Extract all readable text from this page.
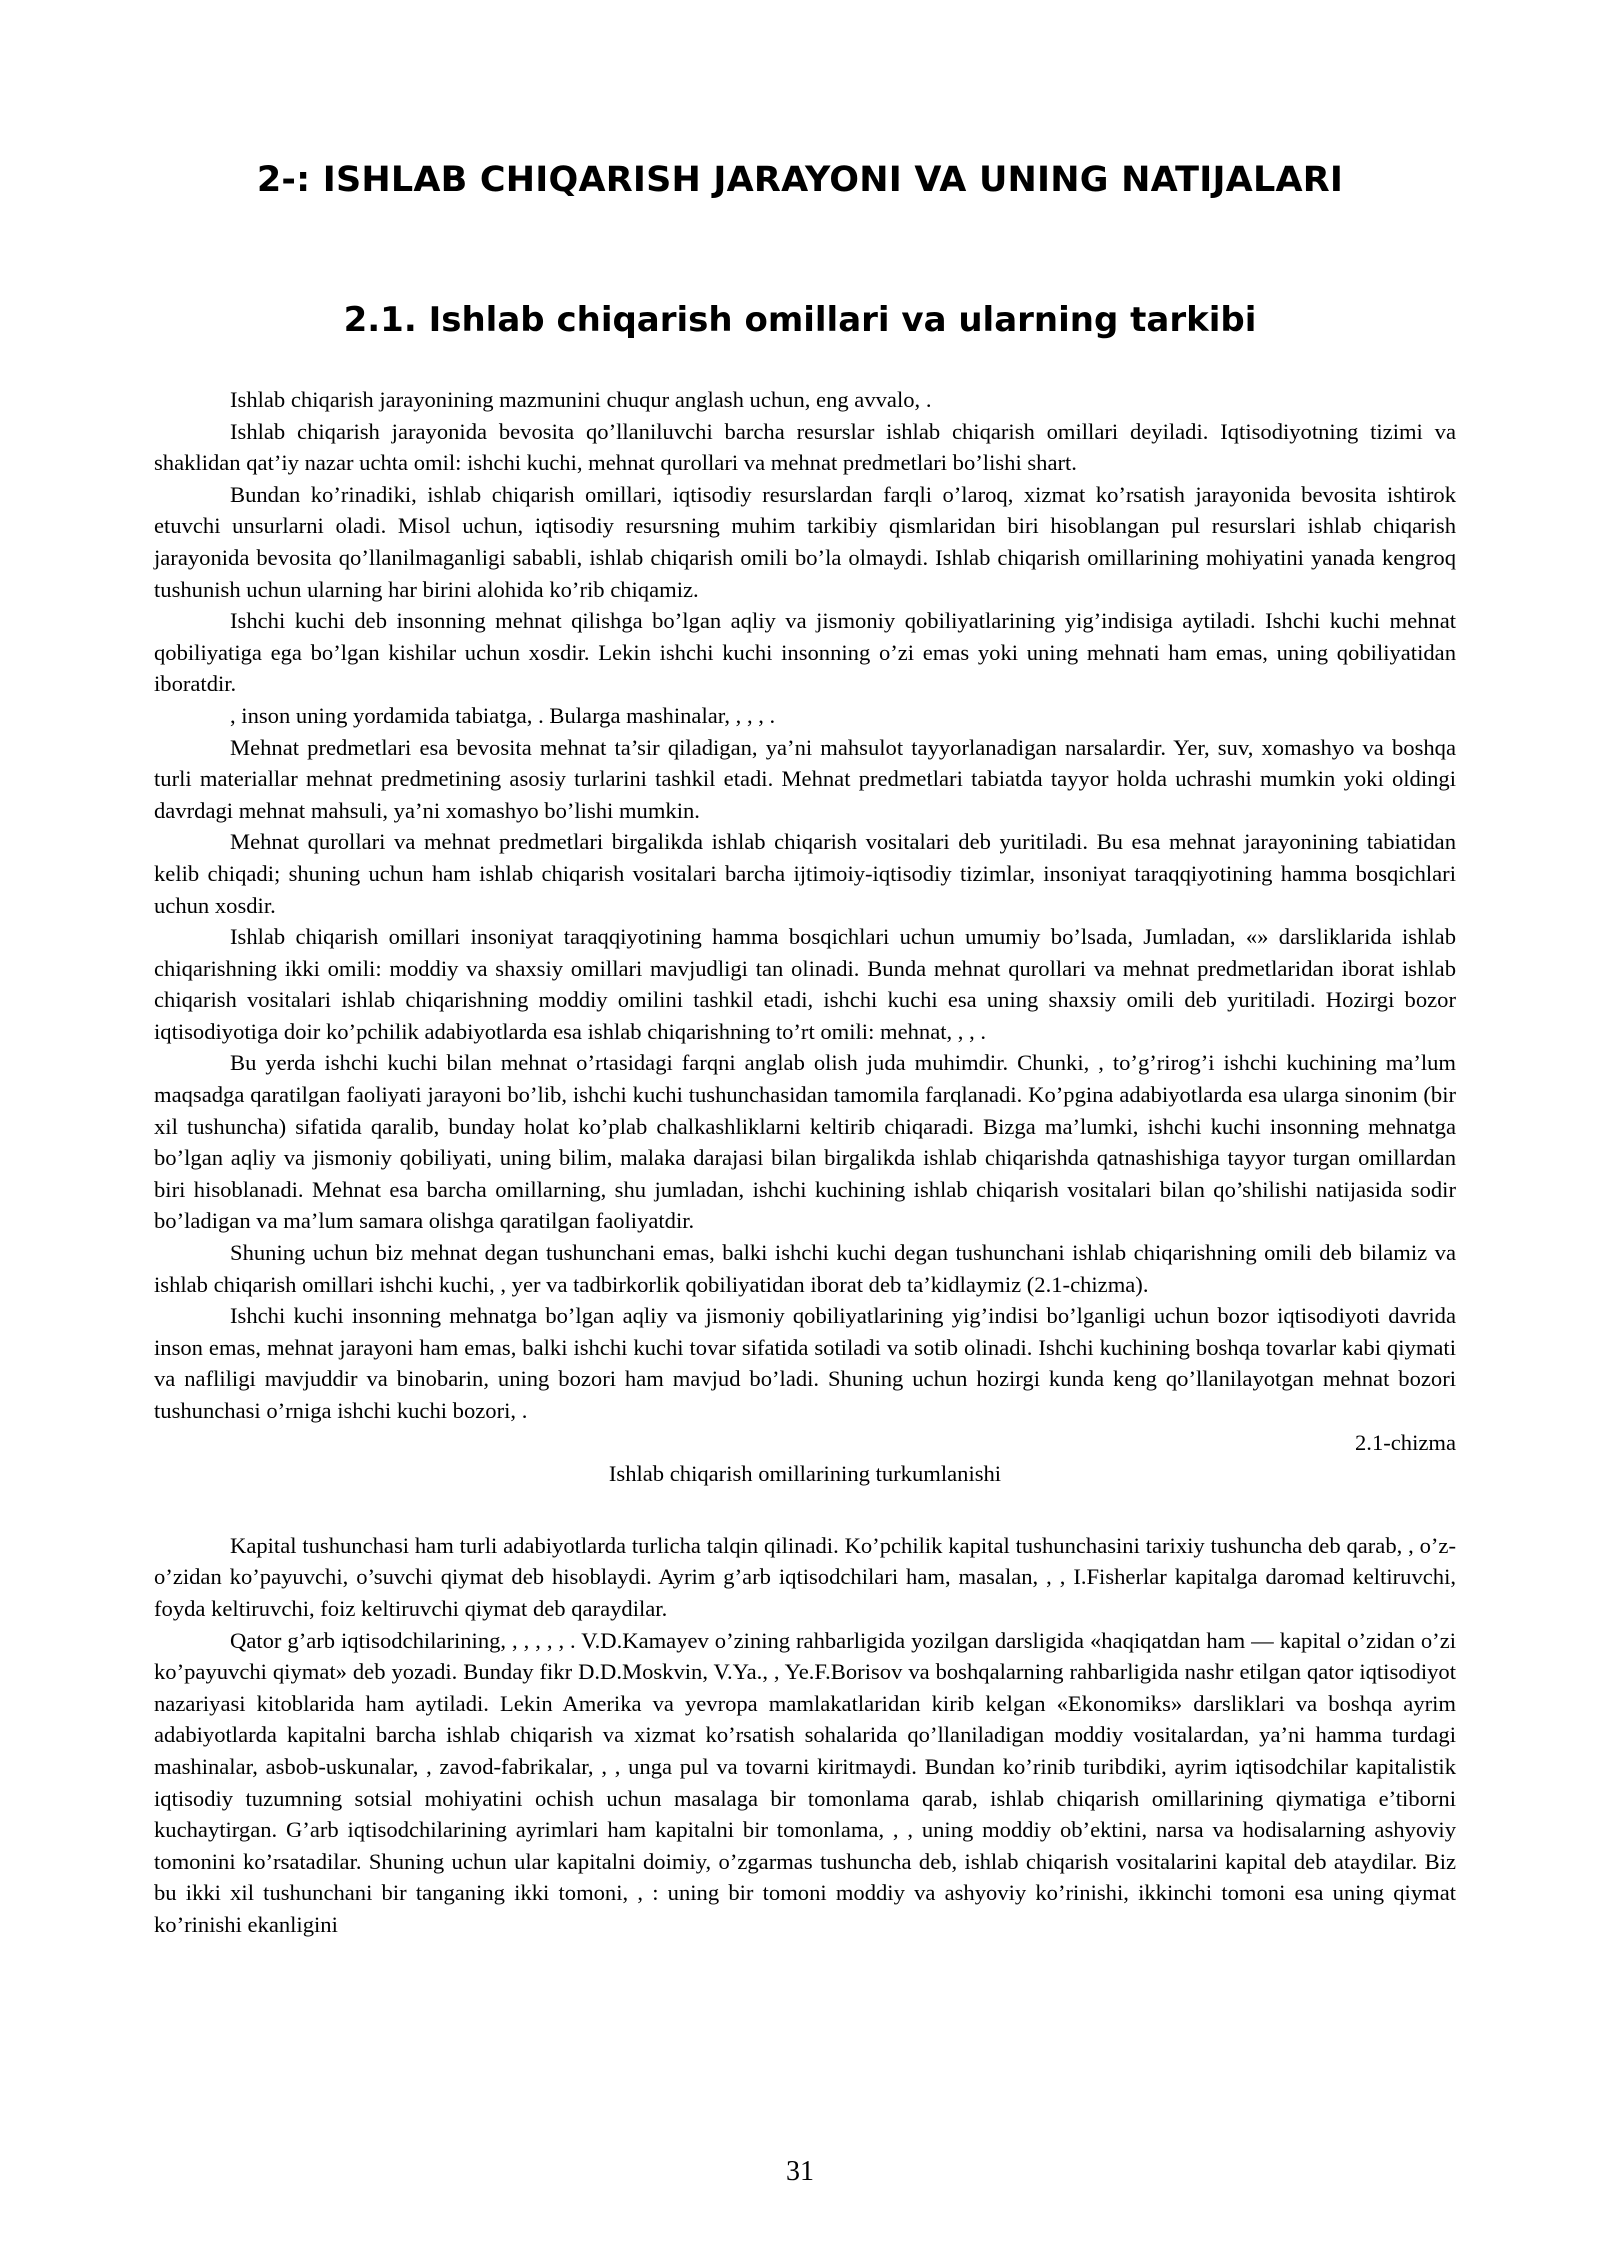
2-: ISHLAB CHIQARISH JARAYONI VA UNING NATIJALARI
2.1. Ishlab chiqarish omillari va ularning tarkibi

Ishlab chiqarish jarayonining mazmunini chuqur anglash uchun, eng avvalo, .

Ishlab chiqarish jarayonida bevosita qo’llaniluvchi barcha resurslar ishlab chiqarish omillari deyiladi. Iqtisodiyotning tizimi va shaklidan qat’iy nazar uchta omil: ishchi kuchi, mehnat qurollari va mehnat predmetlari bo’lishi shart.

Bundan ko’rinadiki, ishlab chiqarish omillari, iqtisodiy resurslardan farqli o’laroq, xizmat ko’rsatish jarayonida bevosita ishtirok etuvchi unsurlarni oladi. Misol uchun, iqtisodiy resursning muhim tarkibiy qismlaridan biri hisoblangan pul resurslari ishlab chiqarish jarayonida bevosita qo’llanilmaganligi sababli, ishlab chiqarish omili bo’la olmaydi. Ishlab chiqarish omillarining mohiyatini yanada kengroq tushunish uchun ularning har birini alohida ko’rib chiqamiz.

Ishchi kuchi deb insonning mehnat qilishga bo’lgan aqliy va jismoniy qobiliyatlarining yig’indisiga aytiladi. Ishchi kuchi mehnat qobiliyatiga ega bo’lgan kishilar uchun xosdir. Lekin ishchi kuchi insonning o’zi emas yoki uning mehnati ham emas, uning qobiliyatidan iboratdir.

, inson uning yordamida tabiatga, . Bularga mashinalar, , , , .

Mehnat predmetlari esa bevosita mehnat ta’sir qiladigan, ya’ni mahsulot tayyorlanadigan narsalardir. Yer, suv, xomashyo va boshqa turli materiallar mehnat predmetining asosiy turlarini tashkil etadi. Mehnat predmetlari tabiatda tayyor holda uchrashi mumkin yoki oldingi davrdagi mehnat mahsuli, ya’ni xomashyo bo’lishi mumkin.

Mehnat qurollari va mehnat predmetlari birgalikda ishlab chiqarish vositalari deb yuritiladi. Bu esa mehnat jarayonining tabiatidan kelib chiqadi; shuning uchun ham ishlab chiqarish vositalari barcha ijtimoiy-iqtisodiy tizimlar, insoniyat taraqqiyotining hamma bosqichlari uchun xosdir.

Ishlab chiqarish omillari insoniyat taraqqiyotining hamma bosqichlari uchun umumiy bo’lsada, Jumladan, «» darsliklarida ishlab chiqarishning ikki omili: moddiy va shaxsiy omillari mavjudligi tan olinadi. Bunda mehnat qurollari va mehnat predmetlaridan iborat ishlab chiqarish vositalari ishlab chiqarishning moddiy omilini tashkil etadi, ishchi kuchi esa uning shaxsiy omili deb yuritiladi. Hozirgi bozor iqtisodiyotiga doir ko’pchilik adabiyotlarda esa ishlab chiqarishning to’rt omili: mehnat, , , .

Bu yerda ishchi kuchi bilan mehnat o’rtasidagi farqni anglab olish juda muhimdir. Chunki, , to’g’rirog’i ishchi kuchining ma’lum maqsadga qaratilgan faoliyati jarayoni bo’lib, ishchi kuchi tushunchasidan tamomila farqlanadi. Ko’pgina adabiyotlarda esa ularga sinonim (bir xil tushuncha) sifatida qaralib, bunday holat ko’plab chalkashliklarni keltirib chiqaradi. Bizga ma’lumki, ishchi kuchi insonning mehnatga bo’lgan aqliy va jismoniy qobiliyati, uning bilim, malaka darajasi bilan birgalikda ishlab chiqarishda qatnashishiga tayyor turgan omillardan biri hisoblanadi. Mehnat esa barcha omillarning, shu jumladan, ishchi kuchining ishlab chiqarish vositalari bilan qo’shilishi natijasida sodir bo’ladigan va ma’lum samara olishga qaratilgan faoliyatdir.

Shuning uchun biz mehnat degan tushunchani emas, balki ishchi kuchi degan tushunchani ishlab chiqarishning omili deb bilamiz va ishlab chiqarish omillari ishchi kuchi, , yer va tadbirkorlik qobiliyatidan iborat deb ta’kidlaymiz (2.1-chizma).

Ishchi kuchi insonning mehnatga bo’lgan aqliy va jismoniy qobiliyatlarining yig’indisi bo’lganligi uchun bozor iqtisodiyoti davrida inson emas, mehnat jarayoni ham emas, balki ishchi kuchi tovar sifatida sotiladi va sotib olinadi. Ishchi kuchining boshqa tovarlar kabi qiymati va nafliligi mavjuddir va binobarin, uning bozori ham mavjud bo’ladi. Shuning uchun hozirgi kunda keng qo’llanilayotgan mehnat bozori tushunchasi o’rniga ishchi kuchi bozori, .

2.1-chizma

Ishlab chiqarish omillarining turkumlanishi

Kapital tushunchasi ham turli adabiyotlarda turlicha talqin qilinadi. Ko’pchilik kapital tushunchasini tarixiy tushuncha deb qarab, , o’z-o’zidan ko’payuvchi, o’suvchi qiymat deb hisoblaydi. Ayrim g’arb iqtisodchilari ham, masalan, , , I.Fisherlar kapitalga daromad keltiruvchi, foyda keltiruvchi, foiz keltiruvchi qiymat deb qaraydilar.

Qator g’arb iqtisodchilarining, , , , , , . V.D.Kamayev o’zining rahbarligida yozilgan darsligida «haqiqatdan ham — kapital o’zidan o’zi ko’payuvchi qiymat» deb yozadi. Bunday fikr D.D.Moskvin, V.Ya., , Ye.F.Borisov va boshqalarning rahbarligida nashr etilgan qator iqtisodiyot nazariyasi kitoblarida ham aytiladi. Lekin Amerika va yevropa mamlakatlaridan kirib kelgan «Ekonomiks» darsliklari va boshqa ayrim adabiyotlarda kapitalni barcha ishlab chiqarish va xizmat ko’rsatish sohalarida qo’llaniladigan moddiy vositalardan, ya’ni hamma turdagi mashinalar, asbob-uskunalar, , zavod-fabrikalar, , , unga pul va tovarni kiritmaydi. Bundan ko’rinib turibdiki, ayrim iqtisodchilar kapitalistik iqtisodiy tuzumning sotsial mohiyatini ochish uchun masalaga bir tomonlama qarab, ishlab chiqarish omillarining qiymatiga e’tiborni kuchaytirgan. G’arb iqtisodchilarining ayrimlari ham kapitalni bir tomonlama, , , uning moddiy ob’ektini, narsa va hodisalarning ashyoviy tomonini ko’rsatadilar. Shuning uchun ular kapitalni doimiy, o’zgarmas tushuncha deb, ishlab chiqarish vositalarini kapital deb ataydilar. Biz bu ikki xil tushunchani bir tanganing ikki tomoni, , : uning bir tomoni moddiy va ashyoviy ko’rinishi, ikkinchi tomoni esa uning qiymat ko’rinishi ekanligini

31
